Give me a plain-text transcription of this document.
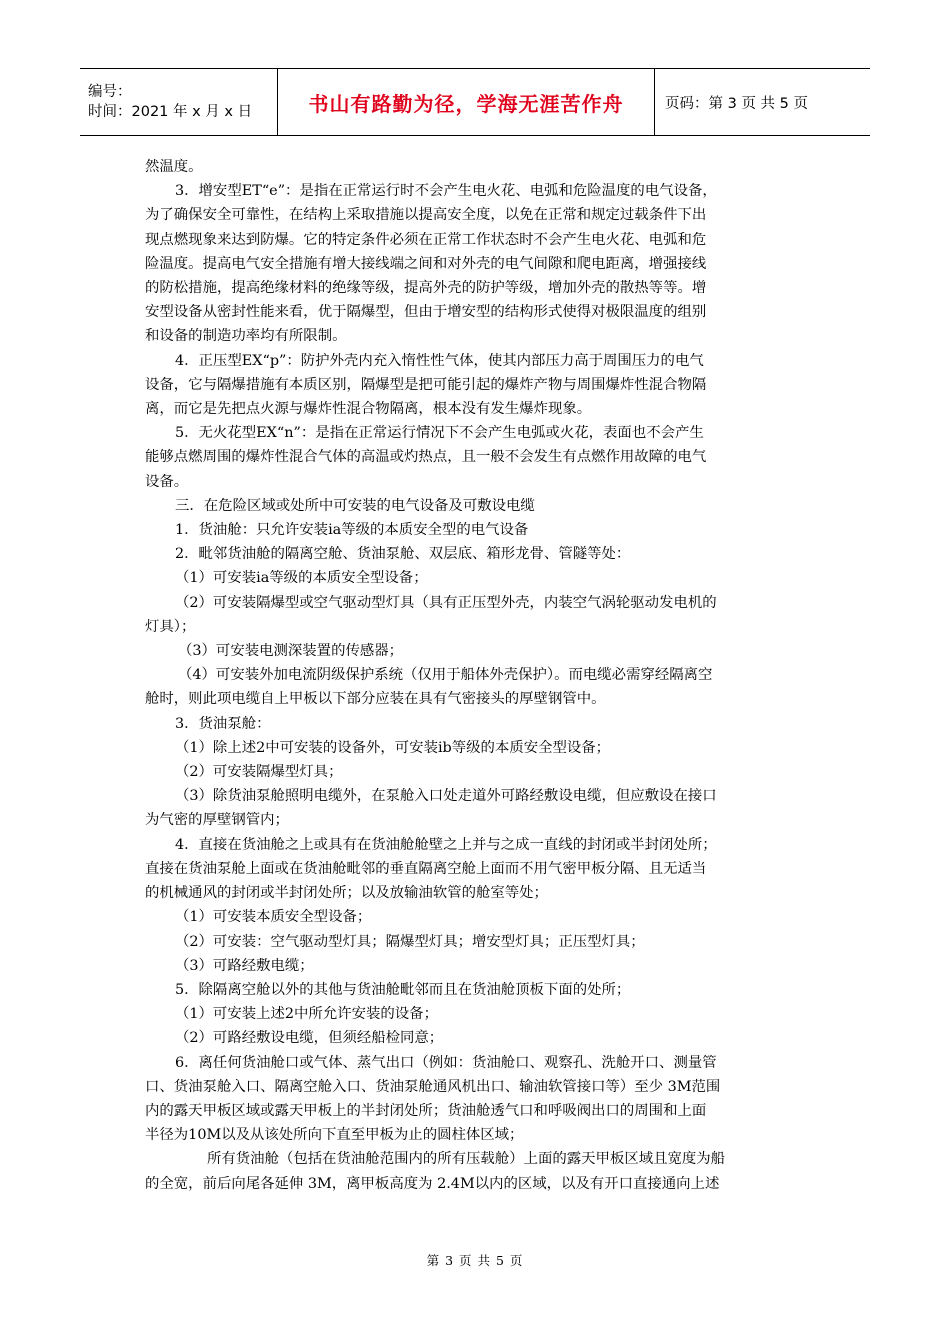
编号：
时间：2021 年 x 月 x 日	书山有路勤为径，学海无涯苦作舟	页码：第 3 页 共 5 页

然温度。

3．增安型ET“e”：是指在正常运行时不会产生电火花、电弧和危险温度的电气设备，

为了确保安全可靠性，在结构上采取措施以提高安全度，以免在正常和规定过载条件下出

现点燃现象来达到防爆。它的特定条件必须在正常工作状态时不会产生电火花、电弧和危

险温度。提高电气安全措施有增大接线端之间和对外壳的电气间隙和爬电距离，增强接线

的防松措施，提高绝缘材料的绝缘等级，提高外壳的防护等级，增加外壳的散热等等。增

安型设备从密封性能来看，优于隔爆型，但由于增安型的结构形式使得对极限温度的组别

和设备的制造功率均有所限制。

4．正压型EX“p”：防护外壳内充入惰性性气体，使其内部压力高于周围压力的电气

设备，它与隔爆措施有本质区别，隔爆型是把可能引起的爆炸产物与周围爆炸性混合物隔

离，而它是先把点火源与爆炸性混合物隔离，根本没有发生爆炸现象。

5．无火花型EX“n”：是指在正常运行情况下不会产生电弧或火花，表面也不会产生

能够点燃周围的爆炸性混合气体的高温或灼热点，且一般不会发生有点燃作用故障的电气

设备。

三．在危险区域或处所中可安装的电气设备及可敷设电缆

1．货油舱：只允许安装ia等级的本质安全型的电气设备

2．毗邻货油舱的隔离空舱、货油泵舱、双层底、箱形龙骨、管隧等处：

（1）可安装ia等级的本质安全型设备；

（2）可安装隔爆型或空气驱动型灯具（具有正压型外壳，内装空气涡轮驱动发电机的

灯具）；

（3）可安装电测深装置的传感器；

（4）可安装外加电流阴级保护系统（仅用于船体外壳保护）。而电缆必需穿经隔离空

舱时，则此项电缆自上甲板以下部分应装在具有气密接头的厚壁钢管中。

3．货油泵舱：

（1）除上述2中可安装的设备外，可安装ib等级的本质安全型设备；

（2）可安装隔爆型灯具；

（3）除货油泵舱照明电缆外，在泵舱入口处走道外可路经敷设电缆，但应敷设在接口

为气密的厚壁钢管内；

4．直接在货油舱之上或具有在货油舱舱壁之上并与之成一直线的封闭或半封闭处所；

直接在货油泵舱上面或在货油舱毗邻的垂直隔离空舱上面而不用气密甲板分隔、且无适当

的机械通风的封闭或半封闭处所；以及放输油软管的舱室等处；

（1）可安装本质安全型设备；

（2）可安装：空气驱动型灯具；隔爆型灯具；增安型灯具；正压型灯具；

（3）可路经敷电缆；

5．除隔离空舱以外的其他与货油舱毗邻而且在货油舱顶板下面的处所；

（1）可安装上述2中所允许安装的设备；

（2）可路经敷设电缆，但须经船检同意；

6．离任何货油舱口或气体、蒸气出口（例如：货油舱口、观察孔、洗舱开口、测量管

口、货油泵舱入口、隔离空舱入口、货油泵舱通风机出口、输油软管接口等）至少 3M范围

内的露天甲板区域或露天甲板上的半封闭处所；货油舱透气口和呼吸阀出口的周围和上面

半径为10M以及从该处所向下直至甲板为止的圆柱体区域；

所有货油舱（包括在货油舱范围内的所有压载舱）上面的露天甲板区域且宽度为船

的全宽，前后向尾各延伸 3M，离甲板高度为 2.4M以内的区域，以及有开口直接通向上述

第 3 页 共 5 页
